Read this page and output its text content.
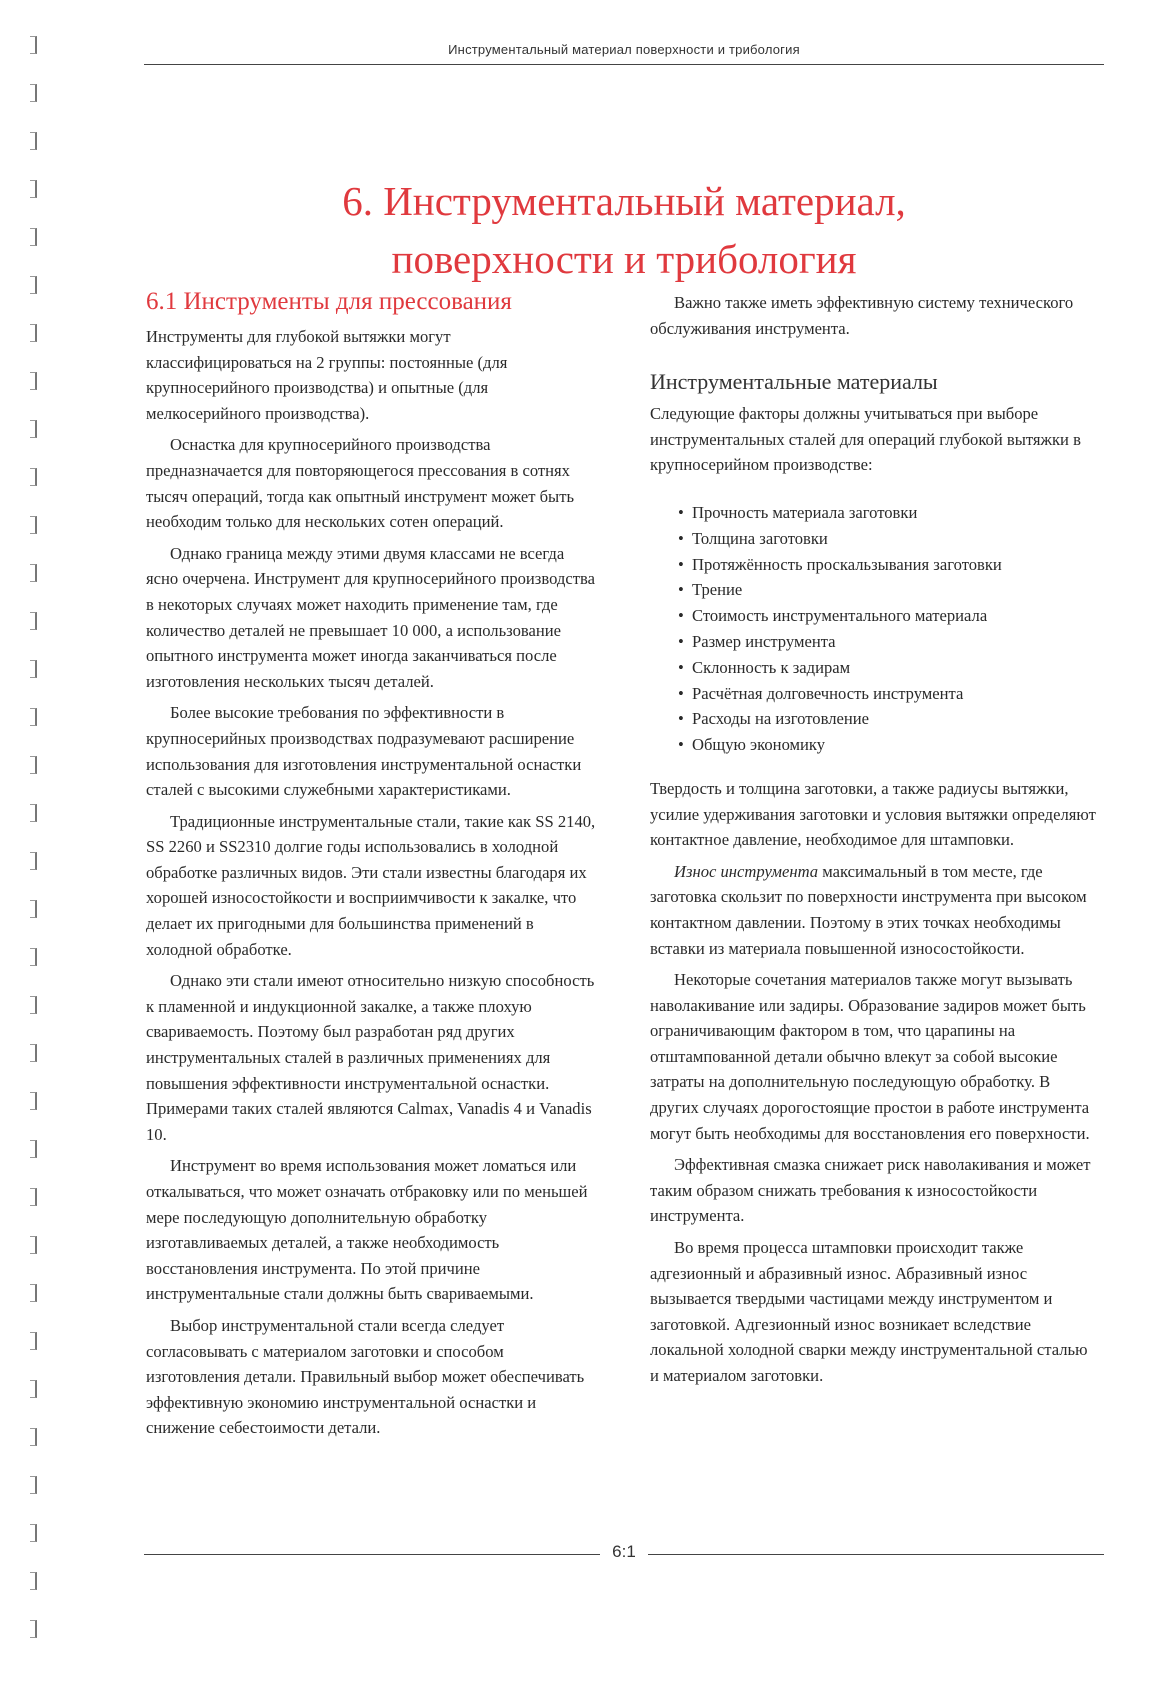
Инструментальный материал поверхности и трибология
6. Инструментальный материал,
поверхности и трибология
6.1 Инструменты для прессования

Инструменты для глубокой вытяжки могут классифицироваться на 2 группы: постоянные (для крупносерийного производства) и опытные (для мелкосерийного производства).

Оснастка для крупносерийного производства предназначается для повторяющегося прессования в сотнях тысяч операций, тогда как опытный инструмент может быть необходим только для нескольких сотен операций.

Однако граница между этими двумя классами не всегда ясно очерчена. Инструмент для крупносерийного производства в некоторых случаях может находить применение там, где количество деталей не превышает 10 000, а использование опытного инструмента может иногда заканчиваться после изготовления нескольких тысяч деталей.

Более высокие требования по эффективности в крупносерийных производствах подразумевают расширение использования для изготовления инструментальной оснастки сталей с высокими служебными характеристиками.

Традиционные инструментальные стали, такие как SS 2140, SS 2260 и SS2310 долгие годы использовались в холодной обработке различных видов. Эти стали известны благодаря их хорошей износостойкости и восприимчивости к закалке, что делает их пригодными для большинства применений в холодной обработке.

Однако эти стали имеют относительно низкую способность к пламенной и индукционной закалке, а также плохую свариваемость. Поэтому был разработан ряд других инструментальных сталей в различных применениях для повышения эффективности инструментальной оснастки. Примерами таких сталей являются Calmax, Vanadis 4 и Vanadis 10.

Инструмент во время использования может ломаться или откалываться, что может означать отбраковку или по меньшей мере последующую дополнительную обработку изготавливаемых деталей, а также необходимость восстановления инструмента. По этой причине инструментальные стали должны быть свариваемыми.

Выбор инструментальной стали всегда следует согласовывать с материалом заготовки и способом изготовления детали. Правильный выбор может обеспечивать эффективную экономию инструментальной оснастки и снижение себестоимости детали.

Важно также иметь эффективную систему технического обслуживания инструмента.

Инструментальные материалы

Следующие факторы должны учитываться при выборе инструментальных сталей для операций глубокой вытяжки в крупносерийном производстве:

• Прочность материала заготовки
• Толщина заготовки
• Протяжённость проскальзывания заготовки
• Трение
• Стоимость инструментального материала
• Размер инструмента
• Склонность к задирам
• Расчётная долговечность инструмента
• Расходы на изготовление
• Общую экономику

Твердость и толщина заготовки, а также радиусы вытяжки, усилие удерживания заготовки и условия вытяжки определяют контактное давление, необходимое для штамповки.

Износ инструмента максимальный в том месте, где заготовка скользит по поверхности инструмента при высоком контактном давлении. Поэтому в этих точках необходимы вставки из материала повышенной износостойкости.

Некоторые сочетания материалов также могут вызывать наволакивание или задиры. Образование задиров может быть ограничивающим фактором в том, что царапины на отштампованной детали обычно влекут за собой высокие затраты на дополнительную последующую обработку. В других случаях дорогостоящие простои в работе инструмента могут быть необходимы для восстановления его поверхности.

Эффективная смазка снижает риск наволакивания и может таким образом снижать требования к износостойкости инструмента.

Во время процесса штамповки происходит также адгезионный и абразивный износ. Абразивный износ вызывается твердыми частицами между инструментом и заготовкой. Адгезионный износ возникает вследствие локальной холодной сварки между инструментальной сталью и материалом заготовки.

6:1
